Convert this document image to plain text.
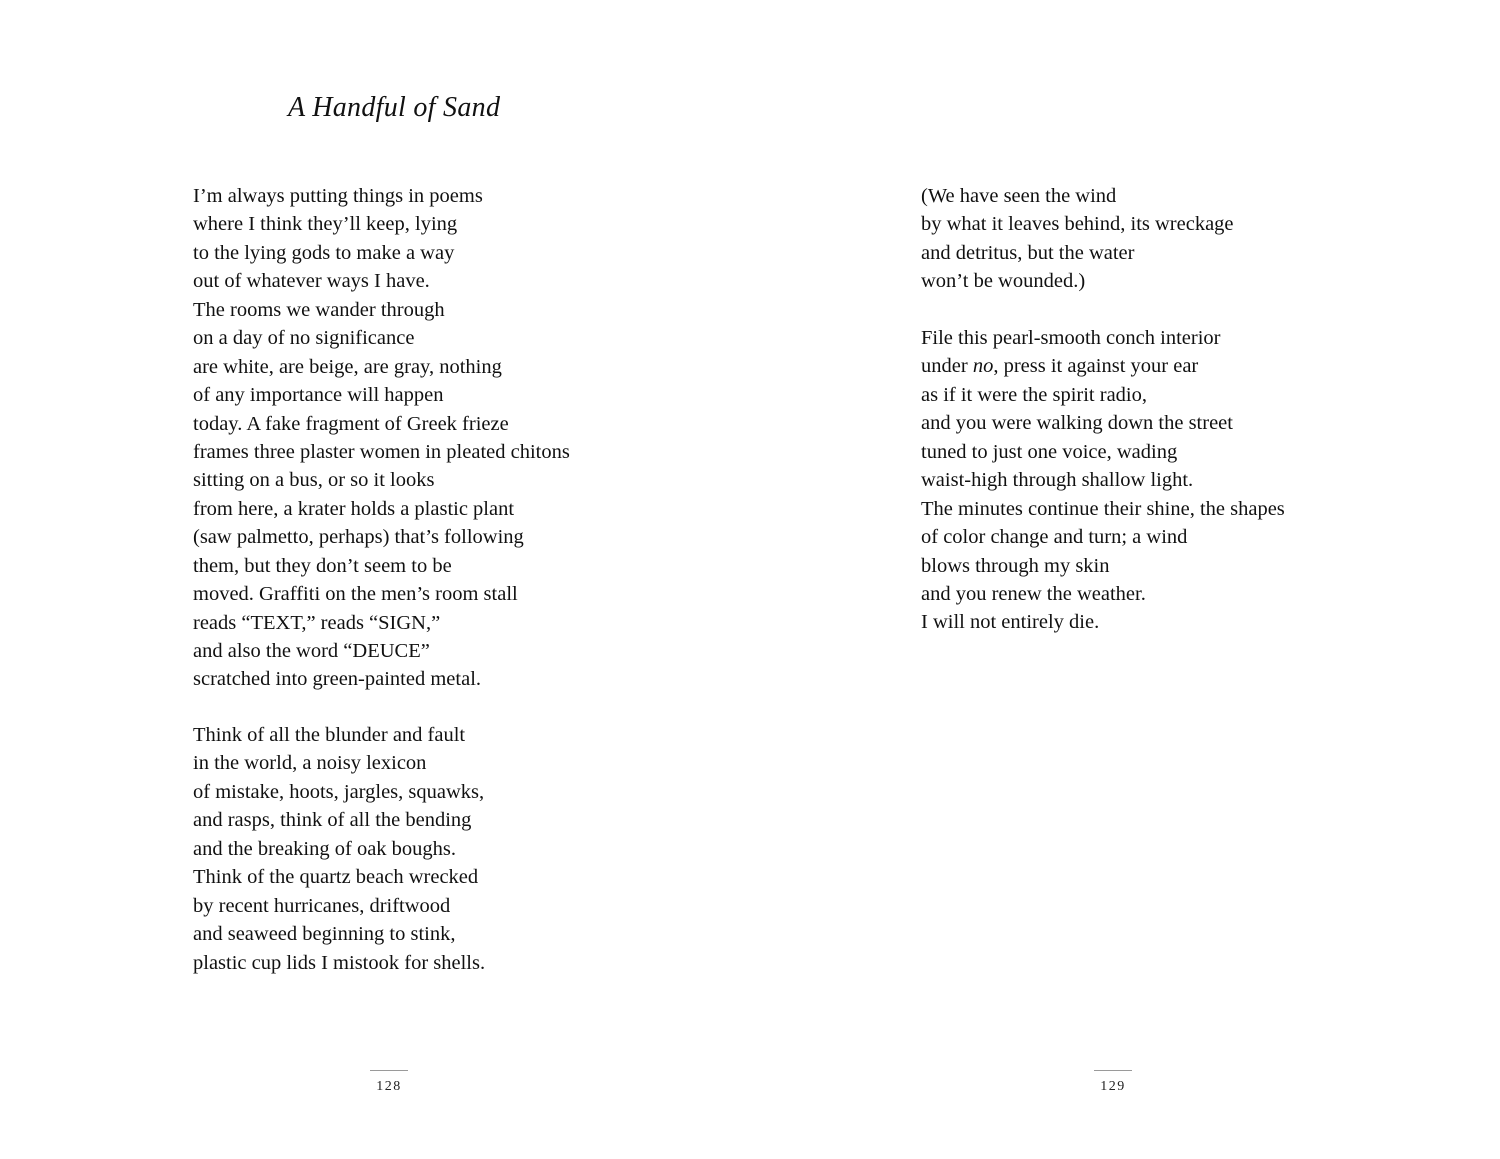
A Handful of Sand
I’m always putting things in poems
where I think they’ll keep, lying
to the lying gods to make a way
out of whatever ways I have.
The rooms we wander through
on a day of no significance
are white, are beige, are gray, nothing
of any importance will happen
today. A fake fragment of Greek frieze
frames three plaster women in pleated chitons
sitting on a bus, or so it looks
from here, a krater holds a plastic plant
(saw palmetto, perhaps) that’s following
them, but they don’t seem to be
moved. Graffiti on the men’s room stall
reads “TEXT,” reads “SIGN,”
and also the word “DEUCE”
scratched into green-painted metal.
Think of all the blunder and fault
in the world, a noisy lexicon
of mistake, hoots, jargles, squawks,
and rasps, think of all the bending
and the breaking of oak boughs.
Think of the quartz beach wrecked
by recent hurricanes, driftwood
and seaweed beginning to stink,
plastic cup lids I mistook for shells.
128
(We have seen the wind
by what it leaves behind, its wreckage
and detritus, but the water
won’t be wounded.)
File this pearl-smooth conch interior
under no, press it against your ear
as if it were the spirit radio,
and you were walking down the street
tuned to just one voice, wading
waist-high through shallow light.
The minutes continue their shine, the shapes
of color change and turn; a wind
blows through my skin
and you renew the weather.
I will not entirely die.
129
